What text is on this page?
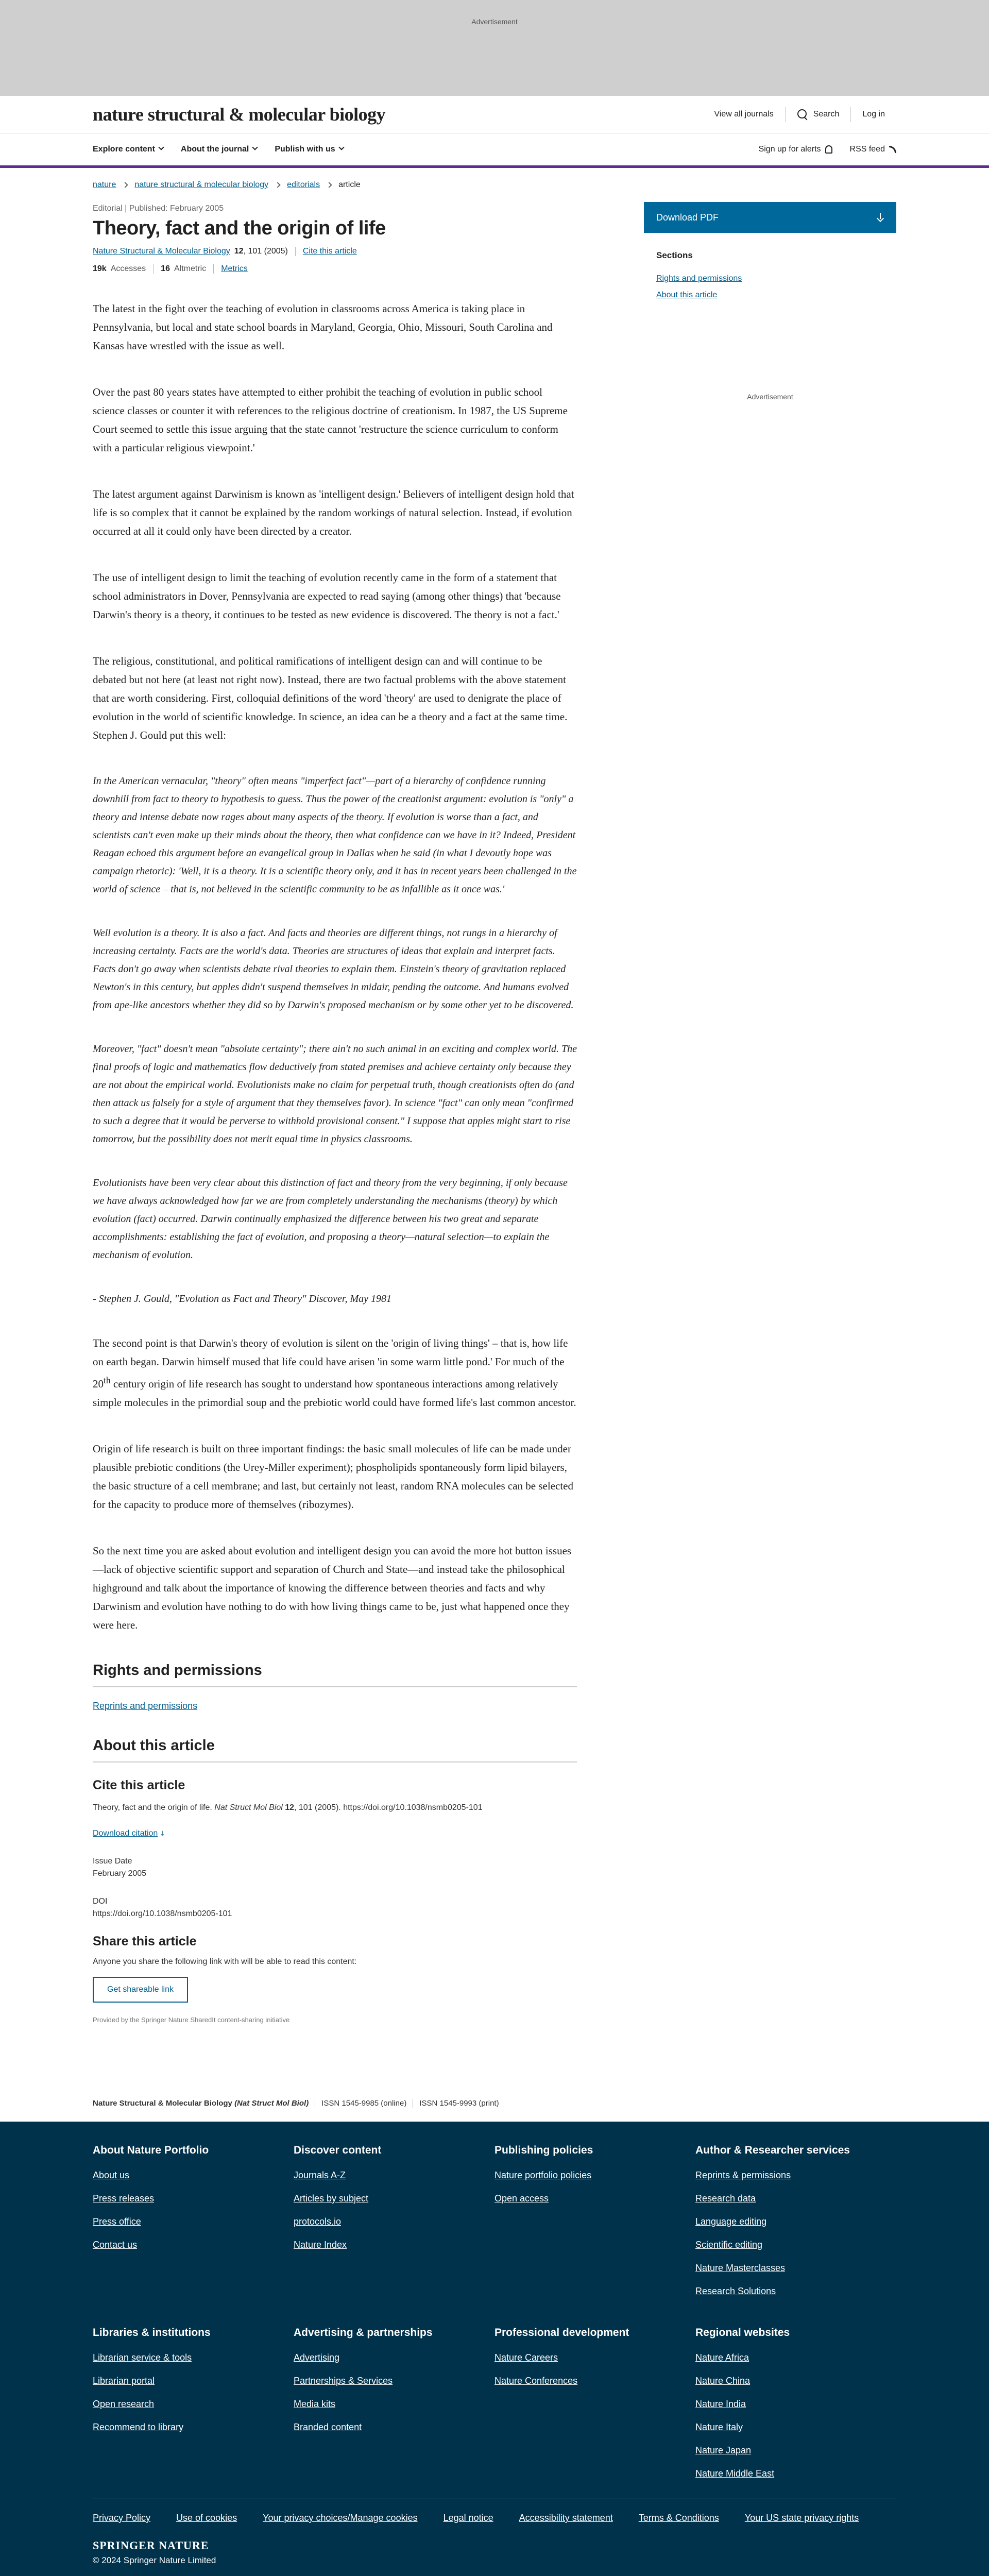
Advertisement
nature structural & molecular biology	View all journals	Search	Log in
Explore content	About the journal	Publish with us	Sign up for alerts	RSS feed
nature nature structural & molecular biology editorials article
Editorial | Published: February 2005
Theory, fact and the origin of life
Nature Structural & Molecular Biology 12, 101 (2005) Cite this article
19k Accesses 16 Altmetric Metrics

The latest in the fight over the teaching of evolution in classrooms across America is taking place in Pennsylvania, but local and state school boards in Maryland, Georgia, Ohio, Missouri, South Carolina and Kansas have wrestled with the issue as well.

Over the past 80 years states have attempted to either prohibit the teaching of evolution in public school science classes or counter it with references to the religious doctrine of creationism. In 1987, the US Supreme Court seemed to settle this issue arguing that the state cannot 'restructure the science curriculum to conform with a particular religious viewpoint.'

The latest argument against Darwinism is known as 'intelligent design.' Believers of intelligent design hold that life is so complex that it cannot be explained by the random workings of natural selection. Instead, if evolution occurred at all it could only have been directed by a creator.

The use of intelligent design to limit the teaching of evolution recently came in the form of a statement that school administrators in Dover, Pennsylvania are expected to read saying (among other things) that 'because Darwin's theory is a theory, it continues to be tested as new evidence is discovered. The theory is not a fact.'

The religious, constitutional, and political ramifications of intelligent design can and will continue to be debated but not here (at least not right now). Instead, there are two factual problems with the above statement that are worth considering. First, colloquial definitions of the word 'theory' are used to denigrate the place of evolution in the world of scientific knowledge. In science, an idea can be a theory and a fact at the same time. Stephen J. Gould put this well:

In the American vernacular, "theory" often means "imperfect fact"—part of a hierarchy of confidence running downhill from fact to theory to hypothesis to guess. Thus the power of the creationist argument: evolution is "only" a theory and intense debate now rages about many aspects of the theory. If evolution is worse than a fact, and scientists can't even make up their minds about the theory, then what confidence can we have in it? Indeed, President Reagan echoed this argument before an evangelical group in Dallas when he said (in what I devoutly hope was campaign rhetoric): 'Well, it is a theory. It is a scientific theory only, and it has in recent years been challenged in the world of science – that is, not believed in the scientific community to be as infallible as it once was.'

Well evolution is a theory. It is also a fact. And facts and theories are different things, not rungs in a hierarchy of increasing certainty. Facts are the world's data. Theories are structures of ideas that explain and interpret facts. Facts don't go away when scientists debate rival theories to explain them. Einstein's theory of gravitation replaced Newton's in this century, but apples didn't suspend themselves in midair, pending the outcome. And humans evolved from ape-like ancestors whether they did so by Darwin's proposed mechanism or by some other yet to be discovered.

Moreover, "fact" doesn't mean "absolute certainty"; there ain't no such animal in an exciting and complex world. The final proofs of logic and mathematics flow deductively from stated premises and achieve certainty only because they are not about the empirical world. Evolutionists make no claim for perpetual truth, though creationists often do (and then attack us falsely for a style of argument that they themselves favor). In science "fact" can only mean "confirmed to such a degree that it would be perverse to withhold provisional consent." I suppose that apples might start to rise tomorrow, but the possibility does not merit equal time in physics classrooms.

Evolutionists have been very clear about this distinction of fact and theory from the very beginning, if only because we have always acknowledged how far we are from completely understanding the mechanisms (theory) by which evolution (fact) occurred. Darwin continually emphasized the difference between his two great and separate accomplishments: establishing the fact of evolution, and proposing a theory—natural selection—to explain the mechanism of evolution.

- Stephen J. Gould, "Evolution as Fact and Theory" Discover, May 1981

The second point is that Darwin's theory of evolution is silent on the 'origin of living things' – that is, how life on earth began. Darwin himself mused that life could have arisen 'in some warm little pond.' For much of the 20th century origin of life research has sought to understand how spontaneous interactions among relatively simple molecules in the primordial soup and the prebiotic world could have formed life's last common ancestor.

Origin of life research is built on three important findings: the basic small molecules of life can be made under plausible prebiotic conditions (the Urey-Miller experiment); phospholipids spontaneously form lipid bilayers, the basic structure of a cell membrane; and last, but certainly not least, random RNA molecules can be selected for the capacity to produce more of themselves (ribozymes).

So the next time you are asked about evolution and intelligent design you can avoid the more hot button issues—lack of objective scientific support and separation of Church and State—and instead take the philosophical highground and talk about the importance of knowing the difference between theories and facts and why Darwinism and evolution have nothing to do with how living things came to be, just what happened once they were here.

Rights and permissions
Reprints and permissions
About this article
Cite this article

Theory, fact and the origin of life. Nat Struct Mol Biol 12, 101 (2005). https://doi.org/10.1038/nsmb0205-101

Download citation ⤓
Issue Date
February 2005
DOI
https://doi.org/10.1038/nsmb0205-101
Share this article
Anyone you share the following link with will be able to read this content:
Get shareable link
Provided by the Springer Nature SharedIt content-sharing initiative
Download PDF
Sections
Rights and permissions
About this article
Advertisement
Nature Structural & Molecular Biology (Nat Struct Mol Biol) ISSN 1545-9985 (online) ISSN 1545-9993 (print)
About Nature Portfolio
About us
Press releases
Press office
Contact us
Discover content
Journals A-Z
Articles by subject
protocols.io
Nature Index
Publishing policies
Nature portfolio policies
Open access
Author & Researcher services
Reprints & permissions
Research data
Language editing
Scientific editing
Nature Masterclasses
Research Solutions
Libraries & institutions
Librarian service & tools
Librarian portal
Open research
Recommend to library
Advertising & partnerships
Advertising
Partnerships & Services
Media kits
Branded content
Professional development
Nature Careers
Nature Conferences
Regional websites
Nature Africa
Nature China
Nature India
Nature Italy
Nature Japan
Nature Middle East
Privacy Policy	Use of cookies	Your privacy choices/Manage cookies	Legal notice	Accessibility statement	Terms & Conditions	Your US state privacy rights
SPRINGER NATURE
© 2024 Springer Nature Limited
